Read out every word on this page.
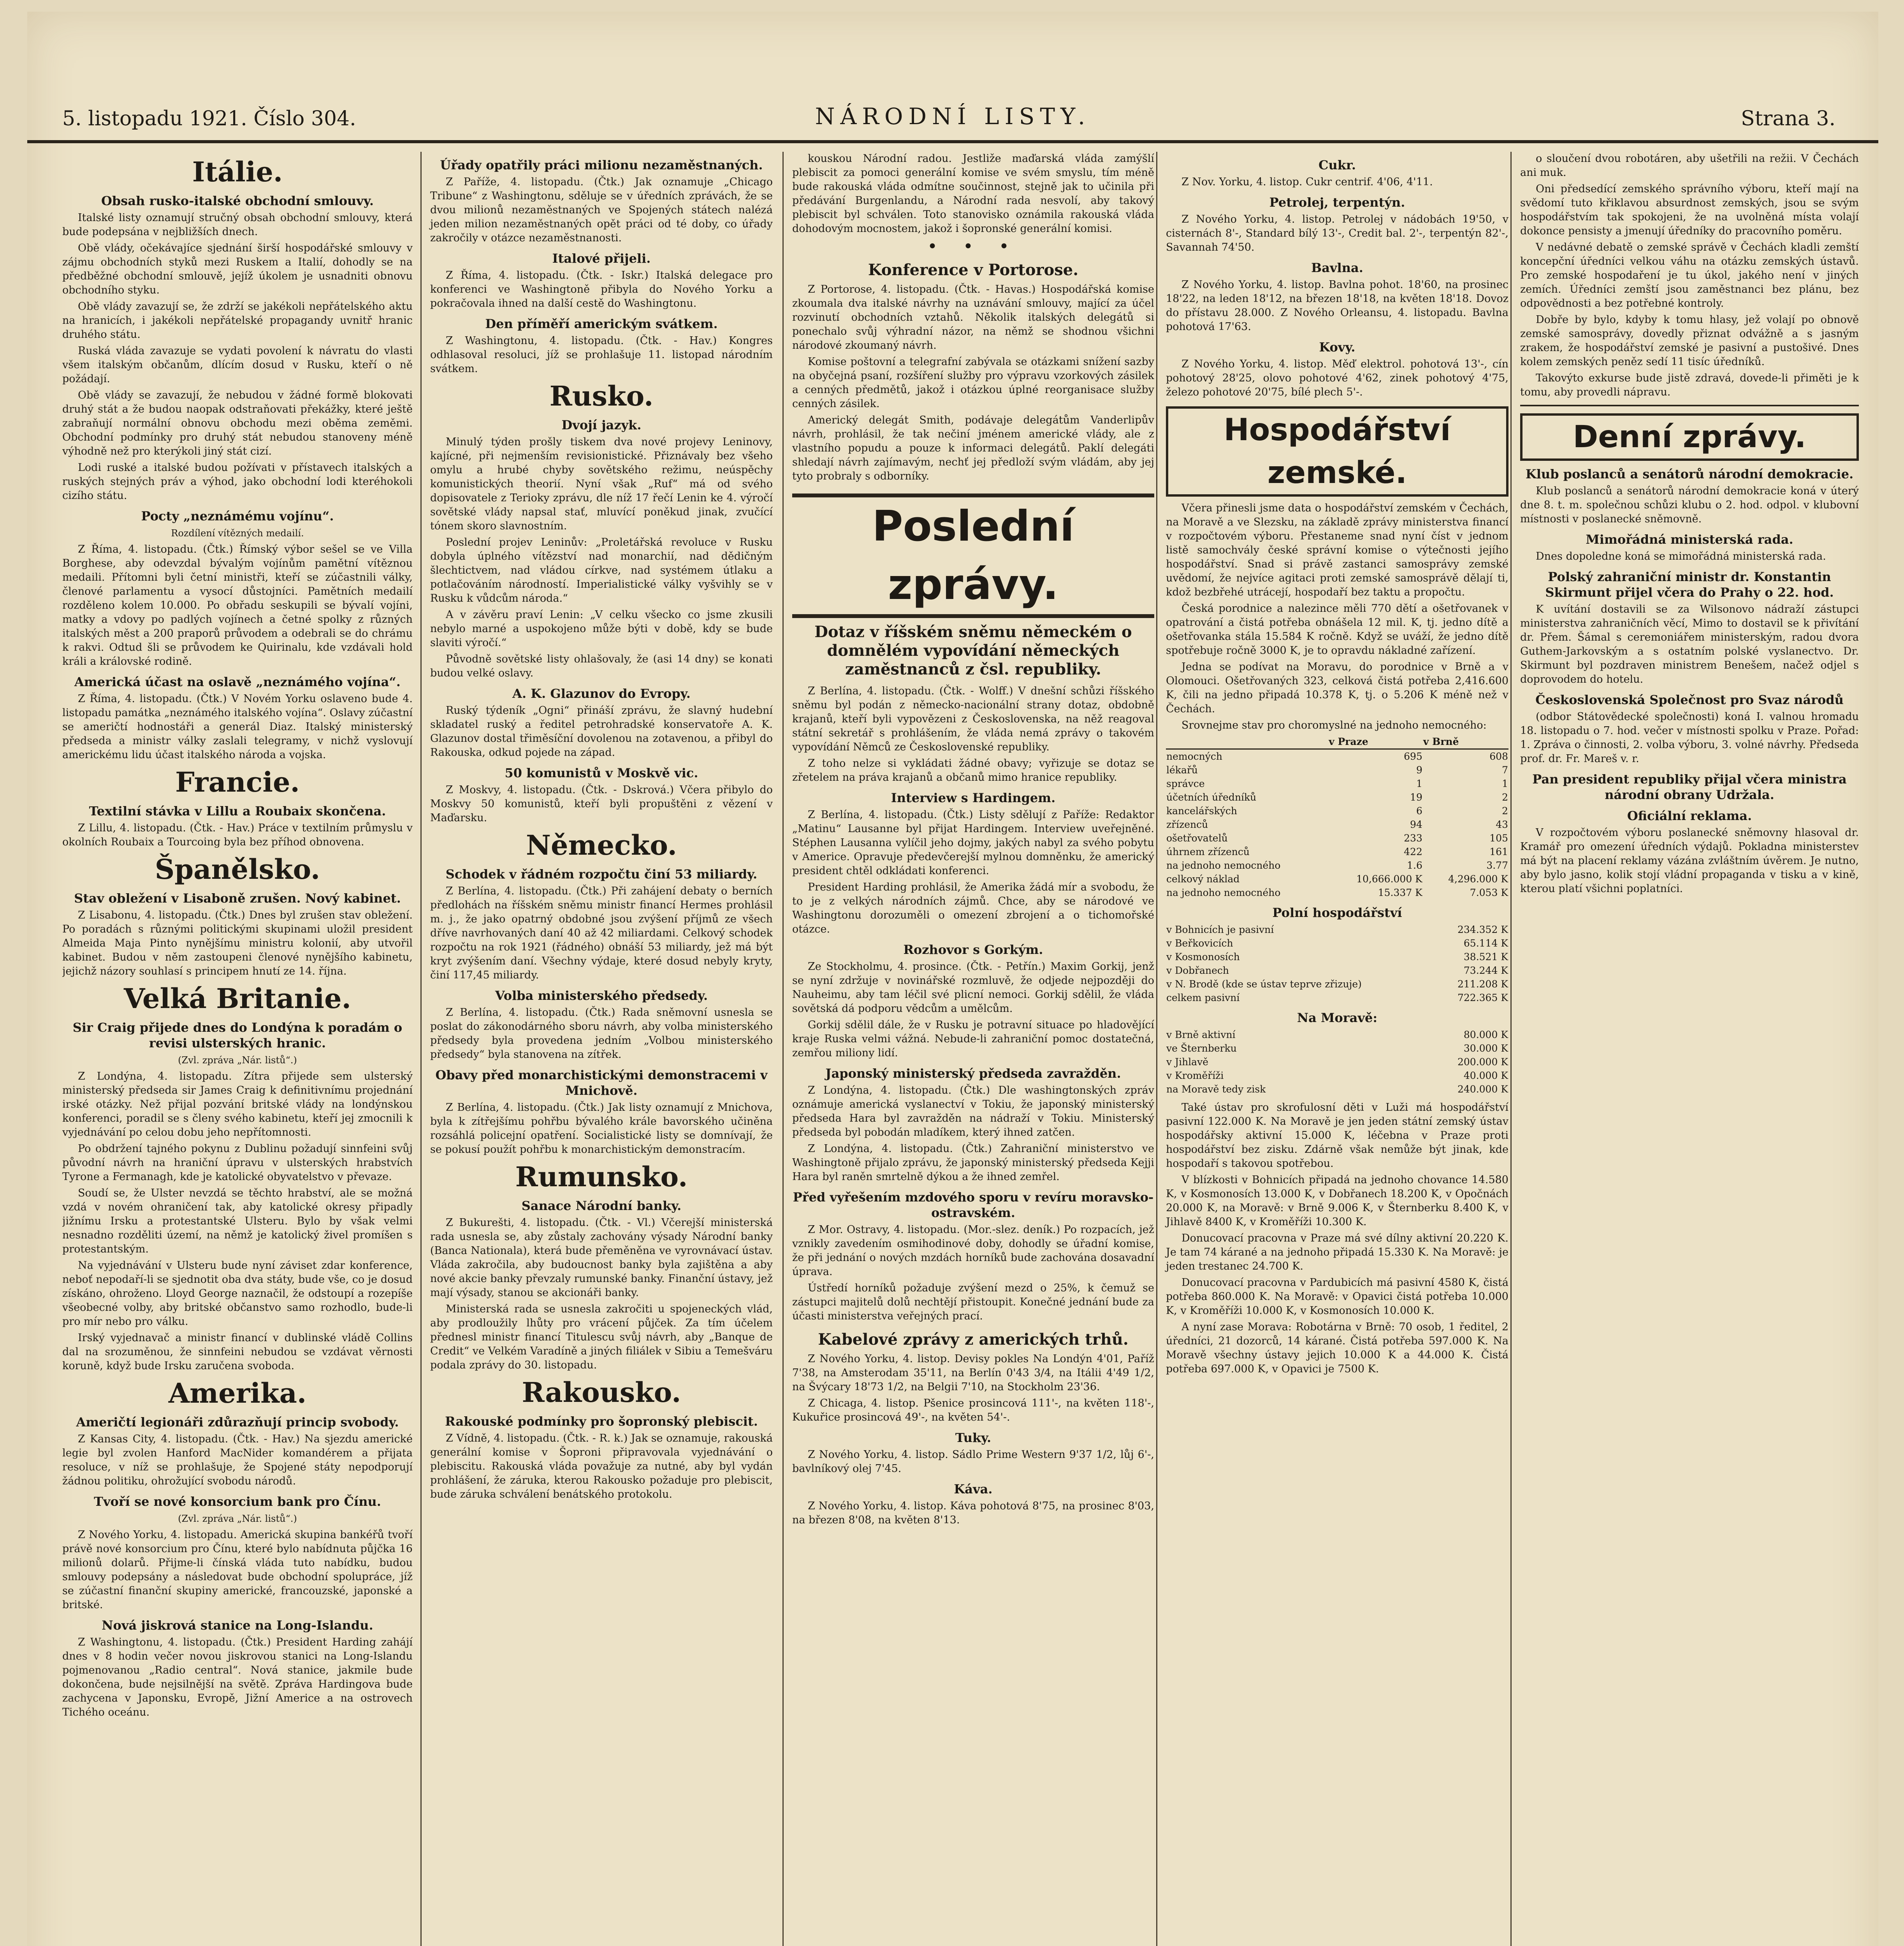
5. listopadu 1921. Číslo 304.	NÁRODNÍ LISTY.	Strana 3.
Itálie.
Obsah rusko-italské obchodní smlouvy.

Italské listy oznamují stručný obsah obchodní smlouvy, která bude podepsána v nejbližších dnech.

Obě vlády, očekávajíce sjednání širší hospodářské smlouvy v zájmu obchodních styků mezi Ruskem a Italií, dohodly se na předběžné obchodní smlouvě, jejíž úkolem je usnadniti obnovu obchodního styku.

Obě vlády zavazují se, že zdrží se jakékoli nepřátelského aktu na hranicích, i jakékoli nepřátelské propagandy uvnitř hranic druhého státu.

Ruská vláda zavazuje se vydati povolení k návratu do vlasti všem italským občanům, dlícím dosud v Rusku, kteří o ně požádají.

Obě vlády se zavazují, že nebudou v žádné formě blokovati druhý stát a že budou naopak odstraňovati překážky, které ještě zabraňují normální obnovu obchodu mezi oběma zeměmi. Obchodní podmínky pro druhý stát nebudou stanoveny méně výhodně než pro kterýkoli jiný stát cizí.

Lodi ruské a italské budou požívati v přístavech italských a ruských stejných práv a výhod, jako obchodní lodi kteréhokoli cizího státu.

Pocty „neznámému vojínu“.
Rozdílení vítězných medailí.

Z Říma, 4. listopadu. (Čtk.) Římský výbor sešel se ve Villa Borghese, aby odevzdal bývalým vojínům pamětní vítěznou medaili. Přítomni byli četní ministři, kteří se zúčastnili války, členové parlamentu a vysocí důstojníci. Pamětních medailí rozděleno kolem 10.000. Po obřadu seskupili se bývalí vojíni, matky a vdovy po padlých vojínech a četné spolky z různých italských měst a 200 praporů průvodem a odebrali se do chrámu k rakvi. Odtud šli se průvodem ke Quirinalu, kde vzdávali hold králi a královské rodině.

Americká účast na oslavě „neznámého vojína“.

Z Říma, 4. listopadu. (Čtk.) V Novém Yorku oslaveno bude 4. listopadu památka „neznámého italského vojína“. Oslavy zúčastní se američtí hodnostáři a generál Diaz. Italský ministerský předseda a ministr války zaslali telegramy, v nichž vyslovují americkému lidu účast italského národa a vojska.

Francie.
Textilní stávka v Lillu a Roubaix skončena.

Z Lillu, 4. listopadu. (Čtk. - Hav.) Práce v textilním průmyslu v okolních Roubaix a Tourcoing byla bez příhod obnovena.

Španělsko.
Stav obležení v Lisaboně zrušen. Nový kabinet.

Z Lisabonu, 4. listopadu. (Čtk.) Dnes byl zrušen stav obležení. Po poradách s různými politickými skupinami uložil president Almeida Maja Pinto nynějšímu ministru kolonií, aby utvořil kabinet. Budou v něm zastoupeni členové nynějšího kabinetu, jejichž názory souhlasí s principem hnutí ze 14. října.

Velká Britanie.
Sir Craig přijede dnes do Londýna k poradám o revisi ulsterských hranic.
(Zvl. zpráva „Nár. listů“.)

Z Londýna, 4. listopadu. Zítra přijede sem ulsterský ministerský předseda sir James Craig k definitivnímu projednání irské otázky. Než přijal pozvání britské vlády na londýnskou konferenci, poradil se s členy svého kabinetu, kteří jej zmocnili k vyjednávání po celou dobu jeho nepřítomnosti.

Po obdržení tajného pokynu z Dublinu požadují sinnfeini svůj původní návrh na hraniční úpravu v ulsterských hrabstvích Tyrone a Fermanagh, kde je katolické obyvatelstvo v převaze.

Soudí se, že Ulster nevzdá se těchto hrabství, ale se možná vzdá v novém ohraničení tak, aby katolické okresy připadly jižnímu Irsku a protestantské Ulsteru. Bylo by však velmi nesnadno rozděliti území, na němž je katolický živel promíšen s protestantským.

Na vyjednávání v Ulsteru bude nyní záviset zdar konference, neboť nepodaří-li se sjednotit oba dva státy, bude vše, co je dosud získáno, ohroženo. Lloyd George naznačil, že odstoupí a rozepíše všeobecné volby, aby britské občanstvo samo rozhodlo, bude-li pro mír nebo pro válku.

Irský vyjednavač a ministr financí v dublinské vládě Collins dal na srozuměnou, že sinnfeini nebudou se vzdávat věrnosti koruně, když bude Irsku zaručena svoboda.

Amerika.
Američtí legionáři zdůrazňují princip svobody.

Z Kansas City, 4. listopadu. (Čtk. - Hav.) Na sjezdu americké legie byl zvolen Hanford MacNider komandérem a přijata resoluce, v níž se prohlašuje, že Spojené státy nepodporují žádnou politiku, ohrožující svobodu národů.

Tvoří se nové konsorcium bank pro Čínu.
(Zvl. zpráva „Nár. listů“.)

Z Nového Yorku, 4. listopadu. Americká skupina bankéřů tvoří právě nové konsorcium pro Čínu, které bylo nabídnuta půjčka 16 milionů dolarů. Přijme-li čínská vláda tuto nabídku, budou smlouvy podepsány a následovat bude obchodní spolupráce, jíž se zúčastní finanční skupiny americké, francouzské, japonské a britské.

Nová jiskrová stanice na Long-Islandu.

Z Washingtonu, 4. listopadu. (Čtk.) President Harding zahájí dnes v 8 hodin večer novou jiskrovou stanici na Long-Islandu pojmenovanou „Radio central“. Nová stanice, jakmile bude dokončena, bude nejsilnější na světě. Zpráva Hardingova bude zachycena v Japonsku, Evropě, Jižní Americe a na ostrovech Tichého oceánu.

Úřady opatřily práci milionu nezaměstnaných.

Z Paříže, 4. listopadu. (Čtk.) Jak oznamuje „Chicago Tribune“ z Washingtonu, sděluje se v úředních zprávách, že se dvou milionů nezaměstnaných ve Spojených státech nalézá jeden milion nezaměstnaných opět práci od té doby, co úřady zakročily v otázce nezaměstnanosti.

Italové přijeli.

Z Říma, 4. listopadu. (Čtk. - Iskr.) Italská delegace pro konferenci ve Washingtoně přibyla do Nového Yorku a pokračovala ihned na další cestě do Washingtonu.

Den příměří americkým svátkem.

Z Washingtonu, 4. listopadu. (Čtk. - Hav.) Kongres odhlasoval resoluci, jíž se prohlašuje 11. listopad národním svátkem.

Rusko.
Dvojí jazyk.

Minulý týden prošly tiskem dva nové projevy Leninovy, kajícné, při nejmenším revisionistické. Přiznávaly bez všeho omylu a hrubé chyby sovětského režimu, neúspěchy komunistických theorií. Nyní však „Ruf“ má od svého dopisovatele z Terioky zprávu, dle níž 17 řečí Lenin ke 4. výročí sovětské vlády napsal stať, mluvící poněkud jinak, zvučící tónem skoro slavnostním.

Poslední projev Leninův: „Proletářská revoluce v Rusku dobyla úplného vítězství nad monarchií, nad dědičným šlechtictvem, nad vládou církve, nad systémem útlaku a potlačováním národností. Imperialistické války vyšvihly se v Rusku k vůdcům národa.“

A v závěru praví Lenin: „V celku všecko co jsme zkusili nebylo marné a uspokojeno může býti v době, kdy se bude slaviti výročí.“

Původně sovětské listy ohlašovaly, že (asi 14 dny) se konati budou velké oslavy.

A. K. Glazunov do Evropy.

Ruský týdeník „Ogni“ přináší zprávu, že slavný hudební skladatel ruský a ředitel petrohradské konservatoře A. K. Glazunov dostal třiměsíční dovolenou na zotavenou, a přibyl do Rakouska, odkud pojede na západ.

50 komunistů v Moskvě vic.

Z Moskvy, 4. listopadu. (Čtk. - Dskrová.) Včera přibylo do Moskvy 50 komunistů, kteří byli propuštěni z vězení v Maďarsku.

Německo.
Schodek v řádném rozpočtu činí 53 miliardy.

Z Berlína, 4. listopadu. (Čtk.) Při zahájení debaty o berních předlohách na říšském sněmu ministr financí Hermes prohlásil m. j., že jako opatrný obdobné jsou zvýšení příjmů ze všech dříve navrhovaných daní 40 až 42 miliardami. Celkový schodek rozpočtu na rok 1921 (řádného) obnáší 53 miliardy, jež má být kryt zvýšením daní. Všechny výdaje, které dosud nebyly kryty, činí 117,45 miliardy.

Volba ministerského předsedy.

Z Berlína, 4. listopadu. (Čtk.) Rada sněmovní usnesla se poslat do zákonodárného sboru návrh, aby volba ministerského předsedy byla provedena jedním „Volbou ministerského předsedy“ byla stanovena na zítřek.

Obavy před monarchistickými demonstracemi v Mnichově.

Z Berlína, 4. listopadu. (Čtk.) Jak listy oznamují z Mnichova, byla k zítřejšímu pohřbu bývalého krále bavorského učiněna rozsáhlá policejní opatření. Socialistické listy se domnívají, že se pokusí použít pohřbu k monarchistickým demonstracím.

Rumunsko.
Sanace Národní banky.

Z Bukurešti, 4. listopadu. (Čtk. - Vl.) Včerejší ministerská rada usnesla se, aby zůstaly zachovány výsady Národní banky (Banca Nationala), která bude přeměněna ve vyrovnávací ústav. Vláda zakročila, aby budoucnost banky byla zajištěna a aby nové akcie banky převzaly rumunské banky. Finanční ústavy, jež mají výsady, stanou se akcionáři banky.

Ministerská rada se usnesla zakročiti u spojeneckých vlád, aby prodloužily lhůty pro vrácení půjček. Za tím účelem přednesl ministr financí Titulescu svůj návrh, aby „Banque de Credit“ ve Velkém Varadíně a jiných filiálek v Sibiu a Temešváru podala zprávy do 30. listopadu.

Rakousko.
Rakouské podmínky pro šopronský plebiscit.

Z Vídně, 4. listopadu. (Čtk. - R. k.) Jak se oznamuje, rakouská generální komise v Šoproni připravovala vyjednávání o plebiscitu. Rakouská vláda považuje za nutné, aby byl vydán prohlášení, že záruka, kterou Rakousko požaduje pro plebiscit, bude záruka schválení benátského protokolu.

kouskou Národní radou. Jestliže maďarská vláda zamýšlí plebiscit za pomoci generální komise ve svém smyslu, tím méně bude rakouská vláda odmítne součinnost, stejně jak to učinila při předávání Burgenlandu, a Národní rada nesvolí, aby takový plebiscit byl schválen. Toto stanovisko oznámila rakouská vláda dohodovým mocnostem, jakož i šopronské generální komisi.

• • •
Konference v Portorose.

Z Portorose, 4. listopadu. (Čtk. - Havas.) Hospodářská komise zkoumala dva italské návrhy na uznávání smlouvy, mající za účel rozvinutí obchodních vztahů. Několik italských delegátů si ponechalo svůj výhradní názor, na němž se shodnou všichni národové zkoumaný návrh.

Komise poštovní a telegrafní zabývala se otázkami snížení sazby na obyčejná psaní, rozšíření služby pro výpravu vzorkových zásilek a cenných předmětů, jakož i otázkou úplné reorganisace služby cenných zásilek.

Americký delegát Smith, podávaje delegátům Vanderlipův návrh, prohlásil, že tak nečiní jménem americké vlády, ale z vlastního popudu a pouze k informaci delegátů. Paklí delegáti shledají návrh zajímavým, nechť jej předloží svým vládám, aby jej tyto probraly s odborníky.

Poslední zprávy.
Dotaz v říšském sněmu německém o domnělém vypovídání německých zaměstnanců z čsl. republiky.

Z Berlína, 4. listopadu. (Čtk. - Wolff.) V dnešní schůzi říšského sněmu byl podán z německo-nacionální strany dotaz, obdobně krajanů, kteří byli vypovězeni z Československa, na něž reagoval státní sekretář s prohlášením, že vláda nemá zprávy o takovém vypovídání Němců ze Československé republiky.

Z toho nelze si vykládati žádné obavy; vyřizuje se dotaz se zřetelem na práva krajanů a občanů mimo hranice republiky.

Interview s Hardingem.

Z Berlína, 4. listopadu. (Čtk.) Listy sdělují z Paříže: Redaktor „Matinu“ Lausanne byl přijat Hardingem. Interview uveřejněné. Stéphen Lausanna vylíčil jeho dojmy, jakých nabyl za svého pobytu v Americe. Opravuje předevčerejší mylnou domněnku, že americký president chtěl odkládati konferenci.

President Harding prohlásil, že Amerika žádá mír a svobodu, že to je z velkých národních zájmů. Chce, aby se národové ve Washingtonu dorozuměli o omezení zbrojení a o tichomořské otázce.

Rozhovor s Gorkým.

Ze Stockholmu, 4. prosince. (Čtk. - Petřín.) Maxim Gorkij, jenž se nyní zdržuje v novinářské rozmluvě, že odjede nejpozději do Nauheimu, aby tam léčil své plicní nemoci. Gorkij sdělil, že vláda sovětská dá podporu vědcům a umělcům.

Gorkij sdělil dále, že v Rusku je potravní situace po hladovějící kraje Ruska velmi vážná. Nebude-li zahraniční pomoc dostatečná, zemřou miliony lidí.

Japonský ministerský předseda zavražděn.

Z Londýna, 4. listopadu. (Čtk.) Dle washingtonských zpráv oznámuje americká vyslanectví v Tokiu, že japonský ministerský předseda Hara byl zavražděn na nádraží v Tokiu. Ministerský předseda byl pobodán mladíkem, který ihned zatčen.

Z Londýna, 4. listopadu. (Čtk.) Zahraniční ministerstvo ve Washingtoně přijalo zprávu, že japonský ministerský předseda Kejji Hara byl raněn smrtelně dýkou a že ihned zemřel.

Před vyřešením mzdového sporu v revíru moravsko-ostravském.

Z Mor. Ostravy, 4. listopadu. (Mor.-slez. deník.) Po rozpacích, jež vznikly zavedením osmihodinové doby, dohodly se úřadní komise, že při jednání o nových mzdách horníků bude zachována dosavadní úprava.

Ústředí horníků požaduje zvýšení mezd o 25%, k čemuž se zástupci majitelů dolů nechtějí přistoupit. Konečné jednání bude za účasti ministerstva veřejných prací.

Kabelové zprávy z amerických trhů.

Z Nového Yorku, 4. listop. Devisy pokles Na Londýn 4'01, Paříž 7'38, na Amsterodam 35'11, na Berlín 0'43 3/4, na Itálii 4'49 1/2, na Švýcary 18'73 1/2, na Belgii 7'10, na Stockholm 23'36.

Z Chicaga, 4. listop. Pšenice prosincová 111'-, na květen 118'-, Kukuřice prosincová 49'-, na květen 54'-.

Tuky.

Z Nového Yorku, 4. listop. Sádlo Prime Western 9'37 1/2, lůj 6'-, bavlníkový olej 7'45.

Káva.

Z Nového Yorku, 4. listop. Káva pohotová 8'75, na prosinec 8'03, na březen 8'08, na květen 8'13.

Cukr.

Z Nov. Yorku, 4. listop. Cukr centrif. 4'06, 4'11.

Petrolej, terpentýn.

Z Nového Yorku, 4. listop. Petrolej v nádobách 19'50, v cisternách 8'-, Standard bílý 13'-, Credit bal. 2'-, terpentýn 82'-, Savannah 74'50.

Bavlna.

Z Nového Yorku, 4. listop. Bavlna pohot. 18'60, na prosinec 18'22, na leden 18'12, na březen 18'18, na květen 18'18. Dovoz do přístavu 28.000. Z Nového Orleansu, 4. listopadu. Bavlna pohotová 17'63.

Kovy.

Z Nového Yorku, 4. listop. Měď elektrol. pohotová 13'-, cín pohotový 28'25, olovo pohotové 4'62, zinek pohotový 4'75, železo pohotové 20'75, bílé plech 5'-.

Hospodářství zemské.

Včera přinesli jsme data o hospodářství zemském v Čechách, na Moravě a ve Slezsku, na základě zprávy ministerstva financí v rozpočtovém výboru. Přestaneme snad nyní číst v jednom listě samochvály české správní komise o výtečnosti jejího hospodářství. Snad si právě zastanci samosprávy zemské uvědomí, že nejvíce agitaci proti zemské samosprávě dělají ti, kdož bezbřehé utrácejí, hospodaří bez taktu a propočtu.

Česká porodnice a nalezince měli 770 dětí a ošetřovanek v opatrování a čistá potřeba obnášela 12 mil. K, tj. jedno dítě a ošetřovanka stála 15.584 K ročně. Když se uváží, že jedno dítě spotřebuje ročně 3000 K, je to opravdu nákladné zařízení.

Jedna se podívat na Moravu, do porodnice v Brně a v Olomouci. Ošetřovaných 323, celková čistá potřeba 2,416.600 K, čili na jedno připadá 10.378 K, tj. o 5.206 K méně než v Čechách.

Srovnejme stav pro choromyslné na jednoho nemocného:

	v Praze	v Brně
nemocných	695	608
lékařů	9	7
správce	1	1
účetních úředníků	19	2
kancelářských	6	2
zřízenců	94	43
ošetřovatelů	233	105
úhrnem zřízenců	422	161
na jednoho nemocného	1.6	3.77
celkový náklad	10,666.000 K	4,296.000 K
na jednoho nemocného	15.337 K	7.053 K
Polní hospodářství
v Bohnicích je pasivní	234.352 K
v Beřkovicích	65.114 K
v Kosmonosích	38.521 K
v Dobřanech	73.244 K
v N. Brodě (kde se ústav teprve zřizuje)	211.208 K
celkem pasivní	722.365 K
Na Moravě:
v Brně aktivní	80.000 K
ve Šternberku	30.000 K
v Jihlavě	200.000 K
v Kroměříži	40.000 K
na Moravě tedy zisk	240.000 K

Také ústav pro skrofulosní děti v Luži má hospodářství pasivní 122.000 K. Na Moravě je jen jeden státní zemský ústav hospodářsky aktivní 15.000 K, léčebna v Praze proti hospodářství bez zisku. Zdárně však nemůže být jinak, kde hospodaří s takovou spotřebou.

V blízkosti v Bohnicích připadá na jednoho chovance 14.580 K, v Kosmonosích 13.000 K, v Dobřanech 18.200 K, v Opočnách 20.000 K, na Moravě: v Brně 9.006 K, v Šternberku 8.400 K, v Jihlavě 8400 K, v Kroměříži 10.300 K.

Donucovací pracovna v Praze má své dílny aktivní 20.220 K. Je tam 74 kárané a na jednoho připadá 15.330 K. Na Moravě: je jeden trestanec 24.700 K.

Donucovací pracovna v Pardubicích má pasivní 4580 K, čistá potřeba 860.000 K. Na Moravě: v Opavici čistá potřeba 10.000 K, v Kroměříži 10.000 K, v Kosmonosích 10.000 K.

A nyní zase Morava: Robotárna v Brně: 70 osob, 1 ředitel, 2 úředníci, 21 dozorců, 14 kárané. Čistá potřeba 597.000 K. Na Moravě všechny ústavy jejich 10.000 K a 44.000 K. Čistá potřeba 697.000 K, v Opavici je 7500 K.

o sloučení dvou robotáren, aby ušetřili na režii. V Čechách ani muk.

Oni předsedící zemského správního výboru, kteří mají na svědomí tuto křiklavou absurdnost zemských, jsou se svým hospodářstvím tak spokojeni, že na uvolněná místa volají dokonce pensisty a jmenují úředníky do pracovního poměru.

V nedávné debatě o zemské správě v Čechách kladli zemští koncepční úředníci velkou váhu na otázku zemských ústavů. Pro zemské hospodaření je tu úkol, jakého není v jiných zemích. Úředníci zemští jsou zaměstnanci bez plánu, bez odpovědnosti a bez potřebné kontroly.

Dobře by bylo, kdyby k tomu hlasy, jež volají po obnově zemské samosprávy, dovedly přiznat odvážně a s jasným zrakem, že hospodářství zemské je pasivní a pustošivé. Dnes kolem zemských peněz sedí 11 tisíc úředníků.

Takovýto exkurse bude jistě zdravá, dovede-li přiměti je k tomu, aby provedli nápravu.

Denní zprávy.
Klub poslanců a senátorů národní demokracie.

Klub poslanců a senátorů národní demokracie koná v úterý dne 8. t. m. společnou schůzi klubu o 2. hod. odpol. v klubovní místnosti v poslanecké sněmovně.

Mimořádná ministerská rada.

Dnes dopoledne koná se mimořádná ministerská rada.

Polský zahraniční ministr dr. Konstantin Skirmunt přijel včera do Prahy o 22. hod.

K uvítání dostavili se za Wilsonovo nádraží zástupci ministerstva zahraničních věcí, Mimo to dostavil se k přivítání dr. Přem. Šámal s ceremoniářem ministerským, radou dvora Guthem-Jarkovským a s ostatním polské vyslanectvo. Dr. Skirmunt byl pozdraven ministrem Benešem, načež odjel s doprovodem do hotelu.

Československá Společnost pro Svaz národů

(odbor Státovědecké společnosti) koná I. valnou hromadu 18. listopadu o 7. hod. večer v místnosti spolku v Praze. Pořad: 1. Zpráva o činnosti, 2. volba výboru, 3. volné návrhy. Předseda prof. dr. Fr. Mareš v. r.

Pan president republiky přijal včera ministra národní obrany Udržala.
Oficiální reklama.

V rozpočtovém výboru poslanecké sněmovny hlasoval dr. Kramář pro omezení úředních výdajů. Pokladna ministerstev má být na placení reklamy vázána zvláštním úvěrem. Je nutno, aby bylo jasno, kolik stojí vládní propaganda v tisku a v kině, kterou platí všichni poplatníci.
